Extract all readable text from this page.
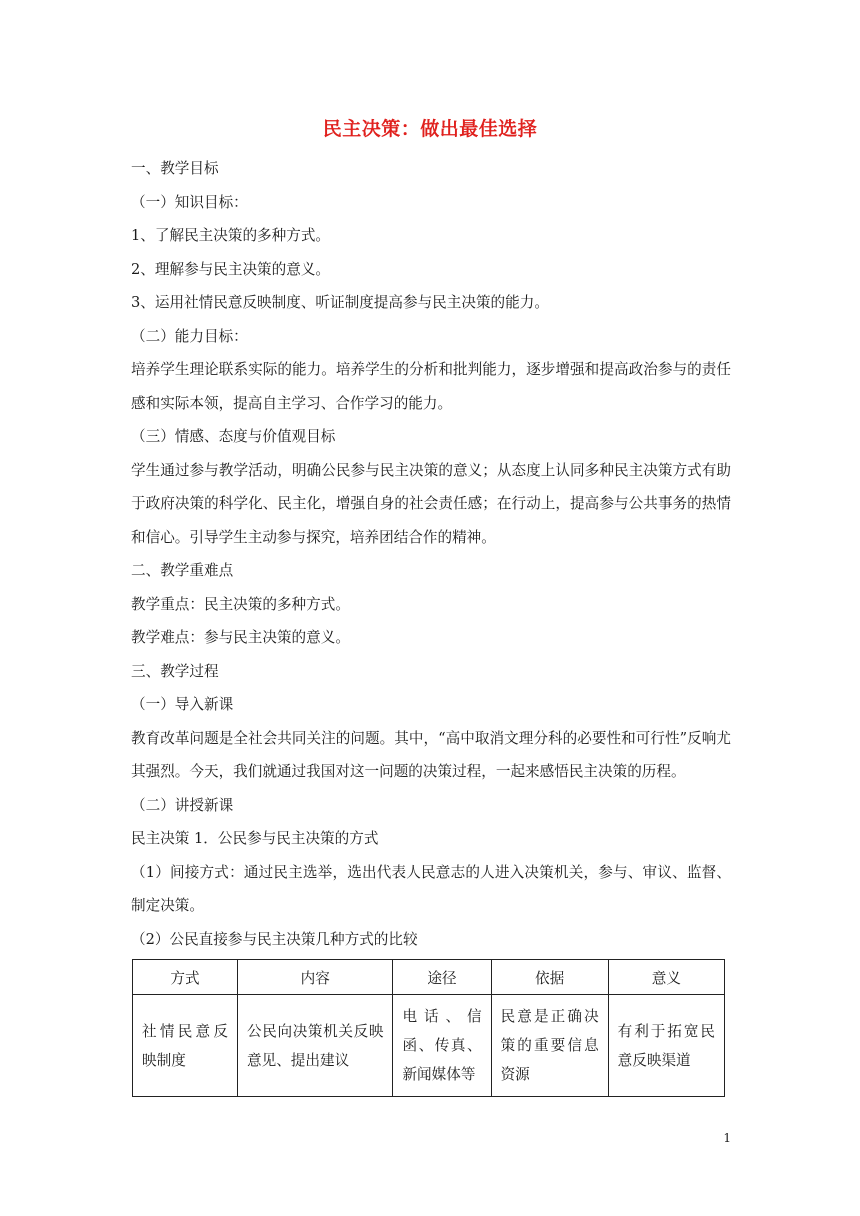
民主决策：做出最佳选择

一、教学目标

（一）知识目标：

1、了解民主决策的多种方式。

2、理解参与民主决策的意义。

3、运用社情民意反映制度、听证制度提高参与民主决策的能力。

（二）能力目标：

培养学生理论联系实际的能力。培养学生的分析和批判能力，逐步增强和提高政治参与的责任感和实际本领，提高自主学习、合作学习的能力。

（三）情感、态度与价值观目标

学生通过参与教学活动，明确公民参与民主决策的意义；从态度上认同多种民主决策方式有助于政府决策的科学化、民主化，增强自身的社会责任感；在行动上，提高参与公共事务的热情和信心。引导学生主动参与探究，培养团结合作的精神。

二、教学重难点

教学重点：民主决策的多种方式。

教学难点：参与民主决策的意义。

三、教学过程

（一）导入新课

教育改革问题是全社会共同关注的问题。其中，“高中取消文理分科的必要性和可行性”反响尤其强烈。今天，我们就通过我国对这一问题的决策过程，一起来感悟民主决策的历程。

（二）讲授新课

民主决策 1．公民参与民主决策的方式

（1）间接方式：通过民主选举，选出代表人民意志的人进入决策机关，参与、审议、监督、制定决策。

（2）公民直接参与民主决策几种方式的比较

方式	内容	途径	依据	意义
社情民意反映制度	公民向决策机关反映意见、提出建议	电话、信函、传真、新闻媒体等	民意是正确决策的重要信息资源	有利于拓宽民意反映渠道
1
